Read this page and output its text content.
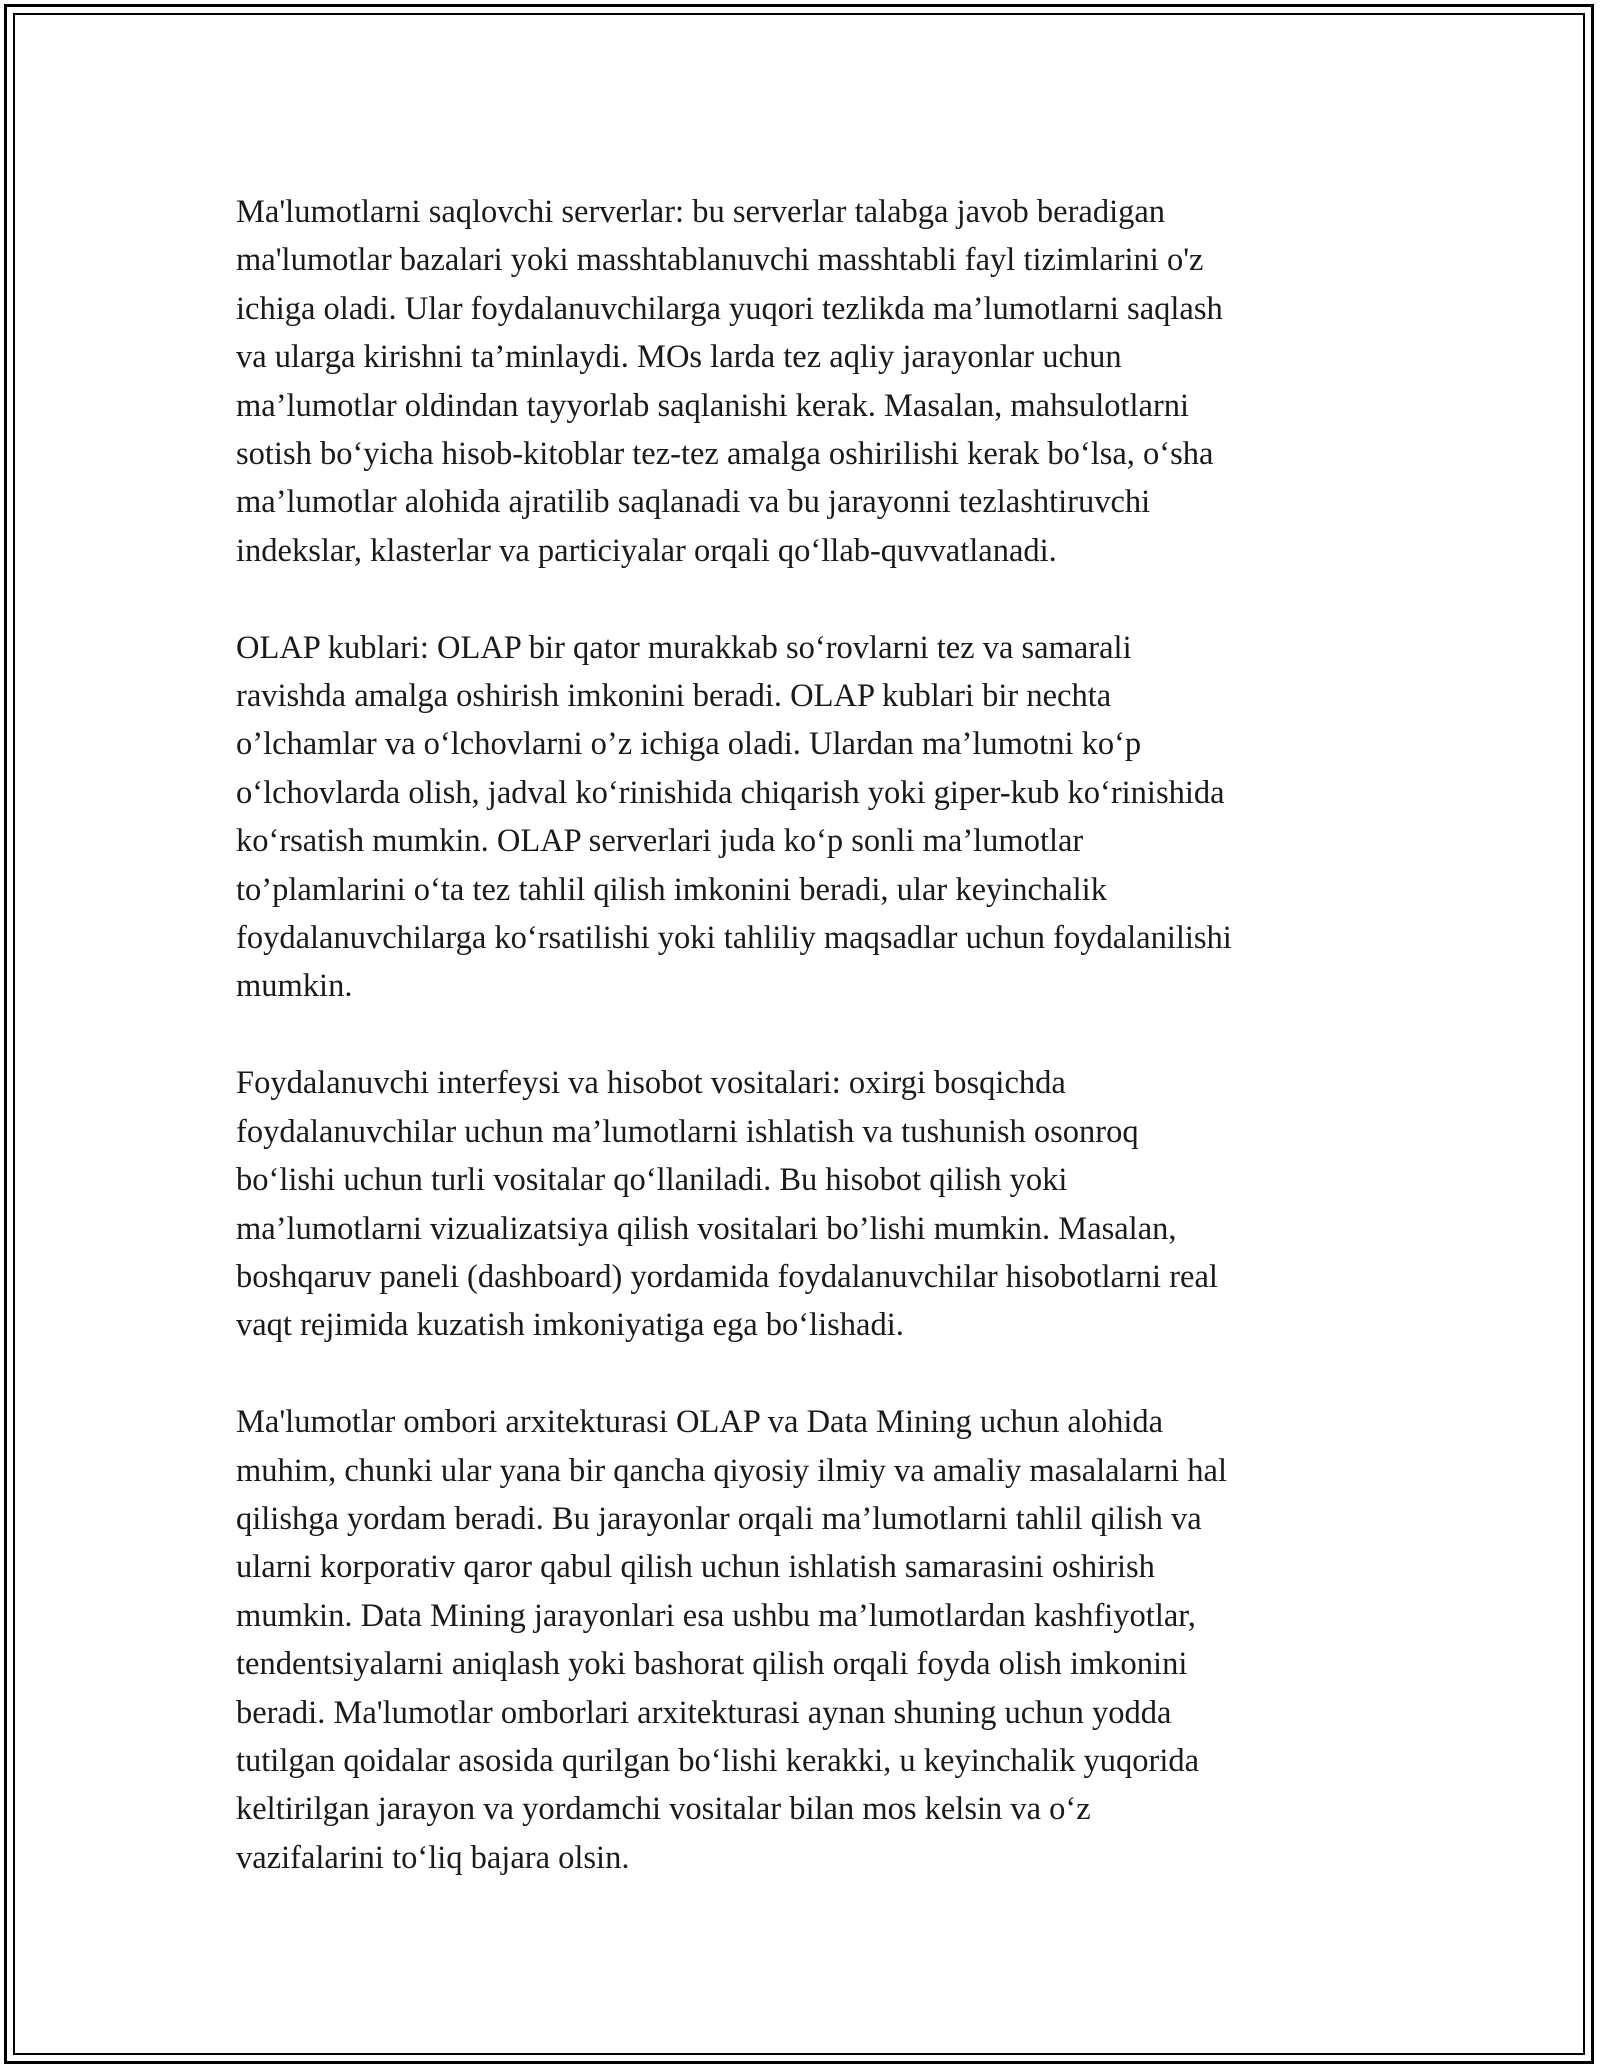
Ma'lumotlarni saqlovchi serverlar: bu serverlar talabga javob beradigan
ma'lumotlar bazalari yoki masshtablanuvchi masshtabli fayl tizimlarini o'z
ichiga oladi. Ular foydalanuvchilarga yuqori tezlikda ma’lumotlarni saqlash
va ularga kirishni ta’minlaydi. MOs larda tez aqliy jarayonlar uchun
ma’lumotlar oldindan tayyorlab saqlanishi kerak. Masalan, mahsulotlarni
sotish bo‘yicha hisob-kitoblar tez-tez amalga oshirilishi kerak bo‘lsa, o‘sha
ma’lumotlar alohida ajratilib saqlanadi va bu jarayonni tezlashtiruvchi
indekslar, klasterlar va particiyalar orqali qo‘llab-quvvatlanadi.

OLAP kublari: OLAP bir qator murakkab so‘rovlarni tez va samarali
ravishda amalga oshirish imkonini beradi. OLAP kublari bir nechta
o’lchamlar va o‘lchovlarni o’z ichiga oladi. Ulardan ma’lumotni ko‘p
o‘lchovlarda olish, jadval ko‘rinishida chiqarish yoki giper-kub ko‘rinishida
ko‘rsatish mumkin. OLAP serverlari juda ko‘p sonli ma’lumotlar
to’plamlarini o‘ta tez tahlil qilish imkonini beradi, ular keyinchalik
foydalanuvchilarga ko‘rsatilishi yoki tahliliy maqsadlar uchun foydalanilishi
mumkin.

Foydalanuvchi interfeysi va hisobot vositalari: oxirgi bosqichda
foydalanuvchilar uchun ma’lumotlarni ishlatish va tushunish osonroq
bo‘lishi uchun turli vositalar qo‘llaniladi. Bu hisobot qilish yoki
ma’lumotlarni vizualizatsiya qilish vositalari bo’lishi mumkin. Masalan,
boshqaruv paneli (dashboard) yordamida foydalanuvchilar hisobotlarni real
vaqt rejimida kuzatish imkoniyatiga ega bo‘lishadi.

Ma'lumotlar ombori arxitekturasi OLAP va Data Mining uchun alohida
muhim, chunki ular yana bir qancha qiyosiy ilmiy va amaliy masalalarni hal
qilishga yordam beradi. Bu jarayonlar orqali ma’lumotlarni tahlil qilish va
ularni korporativ qaror qabul qilish uchun ishlatish samarasini oshirish
mumkin. Data Mining jarayonlari esa ushbu ma’lumotlardan kashfiyotlar,
tendentsiyalarni aniqlash yoki bashorat qilish orqali foyda olish imkonini
beradi. Ma'lumotlar omborlari arxitekturasi aynan shuning uchun yodda
tutilgan qoidalar asosida qurilgan bo‘lishi kerakki, u keyinchalik yuqorida
keltirilgan jarayon va yordamchi vositalar bilan mos kelsin va o‘z
vazifalarini to‘liq bajara olsin.
